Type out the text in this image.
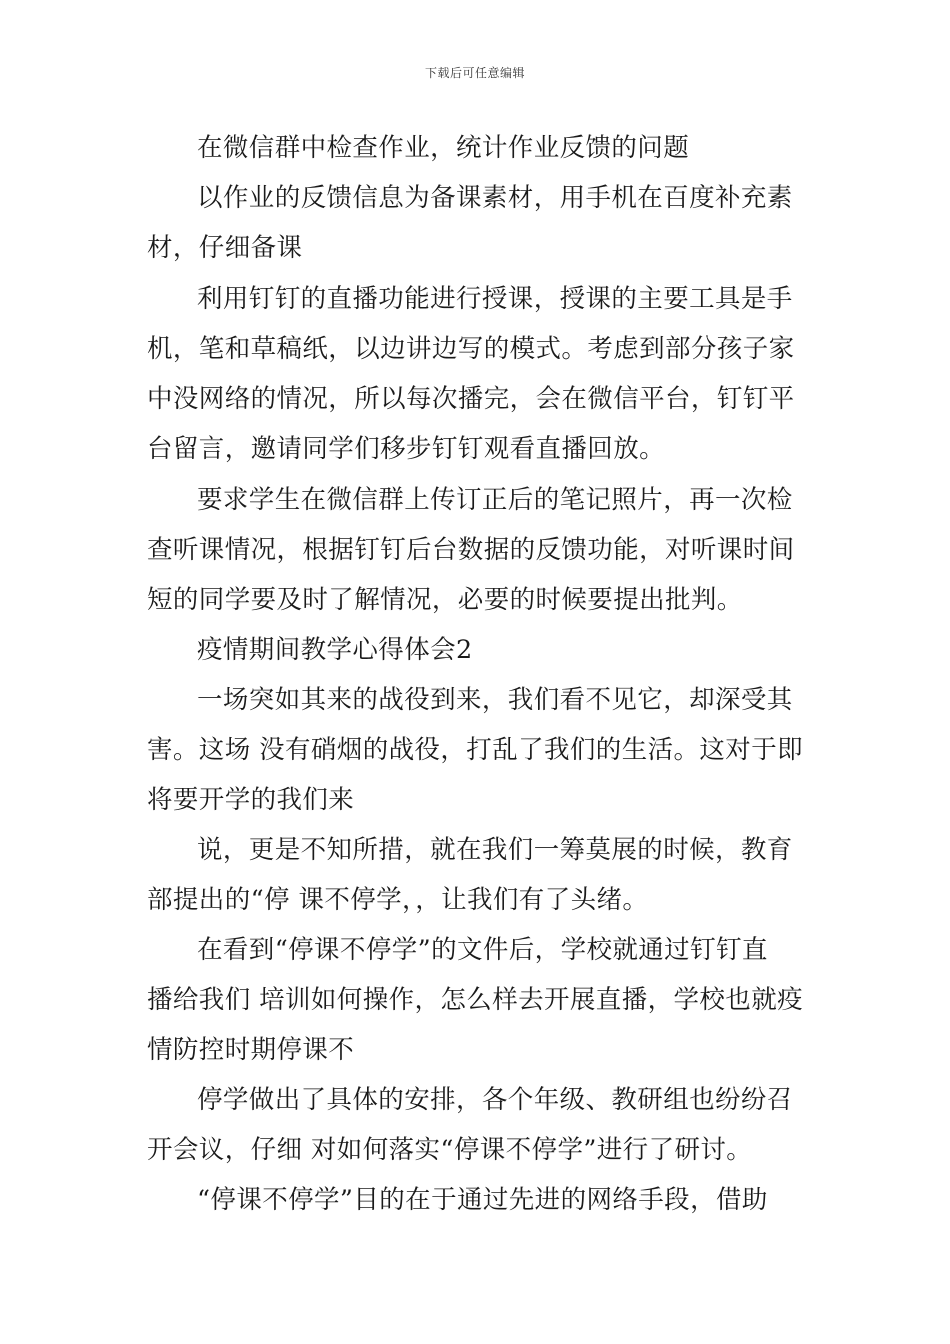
下载后可任意编辑
在微信群中检查作业，统计作业反馈的问题
以作业的反馈信息为备课素材，用手机在百度补充素
材，仔细备课
利用钉钉的直播功能进行授课，授课的主要工具是手
机，笔和草稿纸，以边讲边写的模式。考虑到部分孩子家
中没网络的情况，所以每次播完，会在微信平台，钉钉平
台留言，邀请同学们移步钉钉观看直播回放。
要求学生在微信群上传订正后的笔记照片，再一次检
查听课情况，根据钉钉后台数据的反馈功能，对听课时间
短的同学要及时了解情况，必要的时候要提出批判。
疫情期间教学心得体会2
一场突如其来的战役到来，我们看不见它，却深受其
害。这场 没有硝烟的战役，打乱了我们的生活。这对于即
将要开学的我们来
说，更是不知所措，就在我们一筹莫展的时候，教育
部提出的“停 课不停学，，让我们有了头绪。
在看到“停课不停学”的文件后，学校就通过钉钉直
播给我们 培训如何操作，怎么样去开展直播，学校也就疫
情防控时期停课不
停学做出了具体的安排，各个年级、教研组也纷纷召
开会议，仔细 对如何落实“停课不停学”进行了研讨。
“停课不停学”目的在于通过先进的网络手段，借助
